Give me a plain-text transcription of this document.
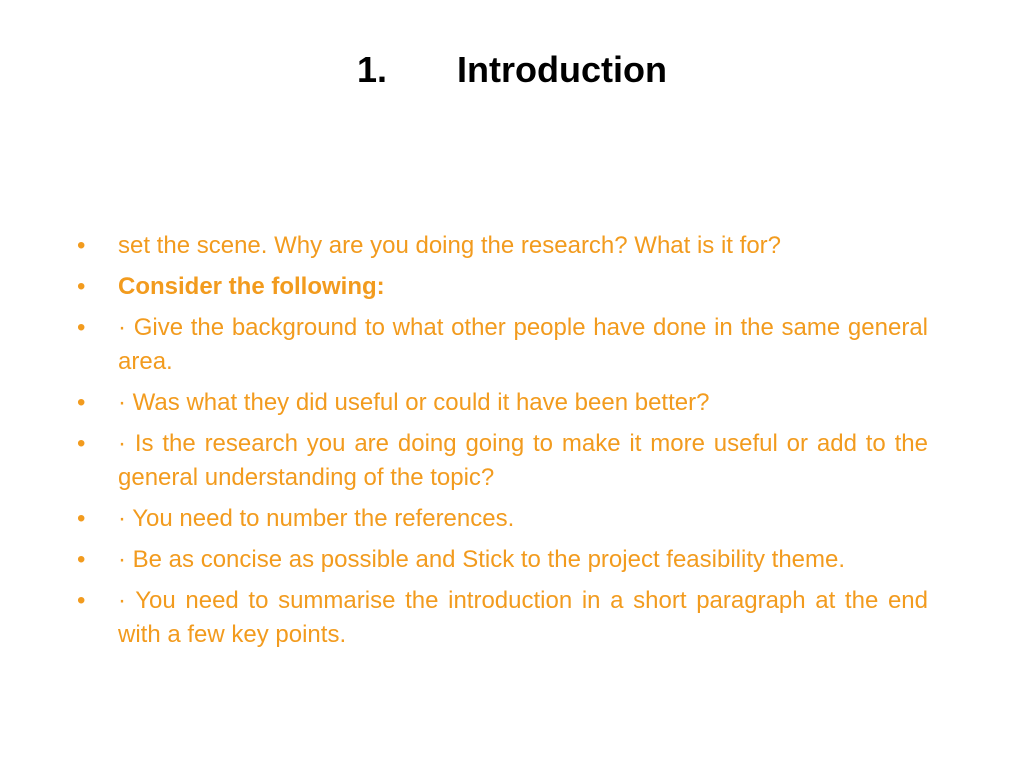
1. Introduction
•	set the scene. Why are you doing the research? What is it for?
•	Consider the following:
•	· Give the background to what other people have done in the same general area.
•	· Was what they did useful or could it have been better?
•	· Is the research you are doing going to make it more useful or add to the general understanding of the topic?
•	· You need to number the references.
•	· Be as concise as possible and Stick to the project feasibility theme.
•	· You need to summarise the introduction in a short paragraph at the end with a few key points.
